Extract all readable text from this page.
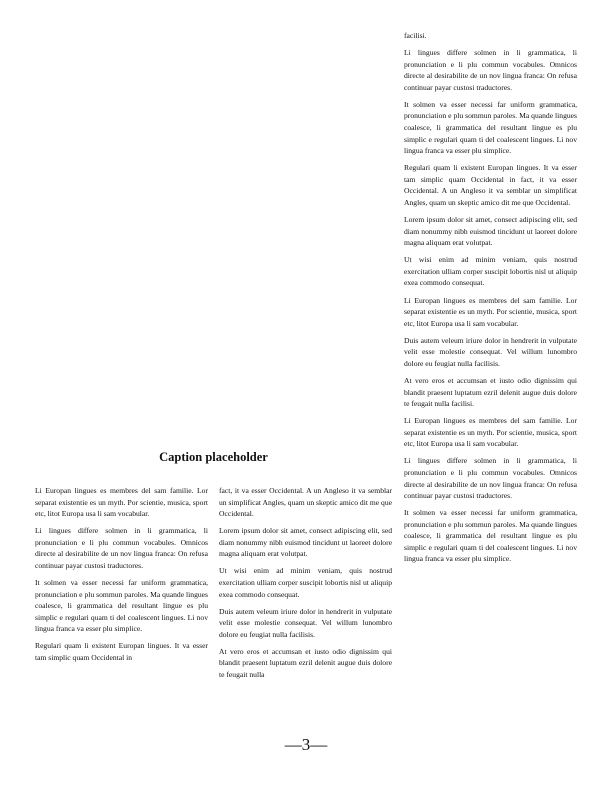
facilisi.

Li lingues differe solmen in li grammatica, li pronunciation e li plu commun vocabules. Omnicos directe al desirabilite de un nov lingua franca: On refusa continuar payar custosi traductores.

It solmen va esser necessi far uniform grammatica, pronunciation e plu sommun paroles. Ma quande lingues coalesce, li grammatica del resultant lingue es plu simplic e regulari quam ti del coalescent lingues. Li nov lingua franca va esser plu simplice.

Regulari quam li existent Europan lingues. It va esser tam simplic quam Occidental in fact, it va esser Occidental. A un Angleso it va semblar un simplificat Angles, quam un skeptic amico dit me que Occidental.

Lorem ipsum dolor sit amet, consect adipiscing elit, sed diam nonummy nibh euismod tincidunt ut laoreet dolore magna aliquam erat volutpat.

Ut wisi enim ad minim veniam, quis nostrud exercitation ulliam corper suscipit lobortis nisl ut aliquip exea commodo consequat.

Li Europan lingues es membres del sam familie. Lor separat existentie es un myth. Por scientie, musica, sport etc, litot Europa usa li sam vocabular.

Duis autem veleum iriure dolor in hendrerit in vulputate velit esse molestie consequat. Vel willum lunombro dolore eu feugiat nulla facilisis.

At vero eros et accumsan et iusto odio dignissim qui blandit praesent luptatum ezril delenit augue duis dolore te feugait nulla facilisi.

Li Europan lingues es membres del sam familie. Lor separat existentie es un myth. Por scientie, musica, sport etc, litot Europa usa li sam vocabular.

Li lingues differe solmen in li grammatica, li pronunciation e li plu commun vocabules. Omnicos directe al desirabilite de un nov lingua franca: On refusa continuar payar custosi traductores.

It solmen va esser necessi far uniform grammatica, pronunciation e plu sommun paroles. Ma quande lingues coalesce, li grammatica del resultant lingue es plu simplic e regulari quam ti del coalescent lingues. Li nov lingua franca va esser plu simplice.

Caption placeholder

Li Europan lingues es membres del sam familie. Lor separat existentie es un myth. Por scientie, musica, sport etc, litot Europa usa li sam vocabular.

Li lingues differe solmen in li grammatica, li pronunciation e li plu commun vocabules. Omnicos directe al desirabilite de un nov lingua franca: On refusa continuar payar custosi traductores.

It solmen va esser necessi far uniform grammatica, pronunciation e plu sommun paroles. Ma quande lingues coalesce, li grammatica del resultant lingue es plu simplic e regulari quam ti del coalescent lingues. Li nov lingua franca va esser plu simplice.

Regulari quam li existent Europan lingues. It va esser tam simplic quam Occidental in

fact, it va esser Occidental. A un Angleso it va semblar un simplificat Angles, quam un skeptic amico dit me que Occidental.

Lorem ipsum dolor sit amet, consect adipiscing elit, sed diam nonummy nibh euismod tincidunt ut laoreet dolore magna aliquam erat volutpat.

Ut wisi enim ad minim veniam, quis nostrud exercitation ulliam corper suscipit lobortis nisl ut aliquip exea commodo consequat.

Duis autem veleum iriure dolor in hendrerit in vulputate velit esse molestie consequat. Vel willum lunombro dolore eu feugiat nulla facilisis.

At vero eros et accumsan et iusto odio dignissim qui blandit praesent luptatum ezril delenit augue duis dolore te feugait nulla

—3—
